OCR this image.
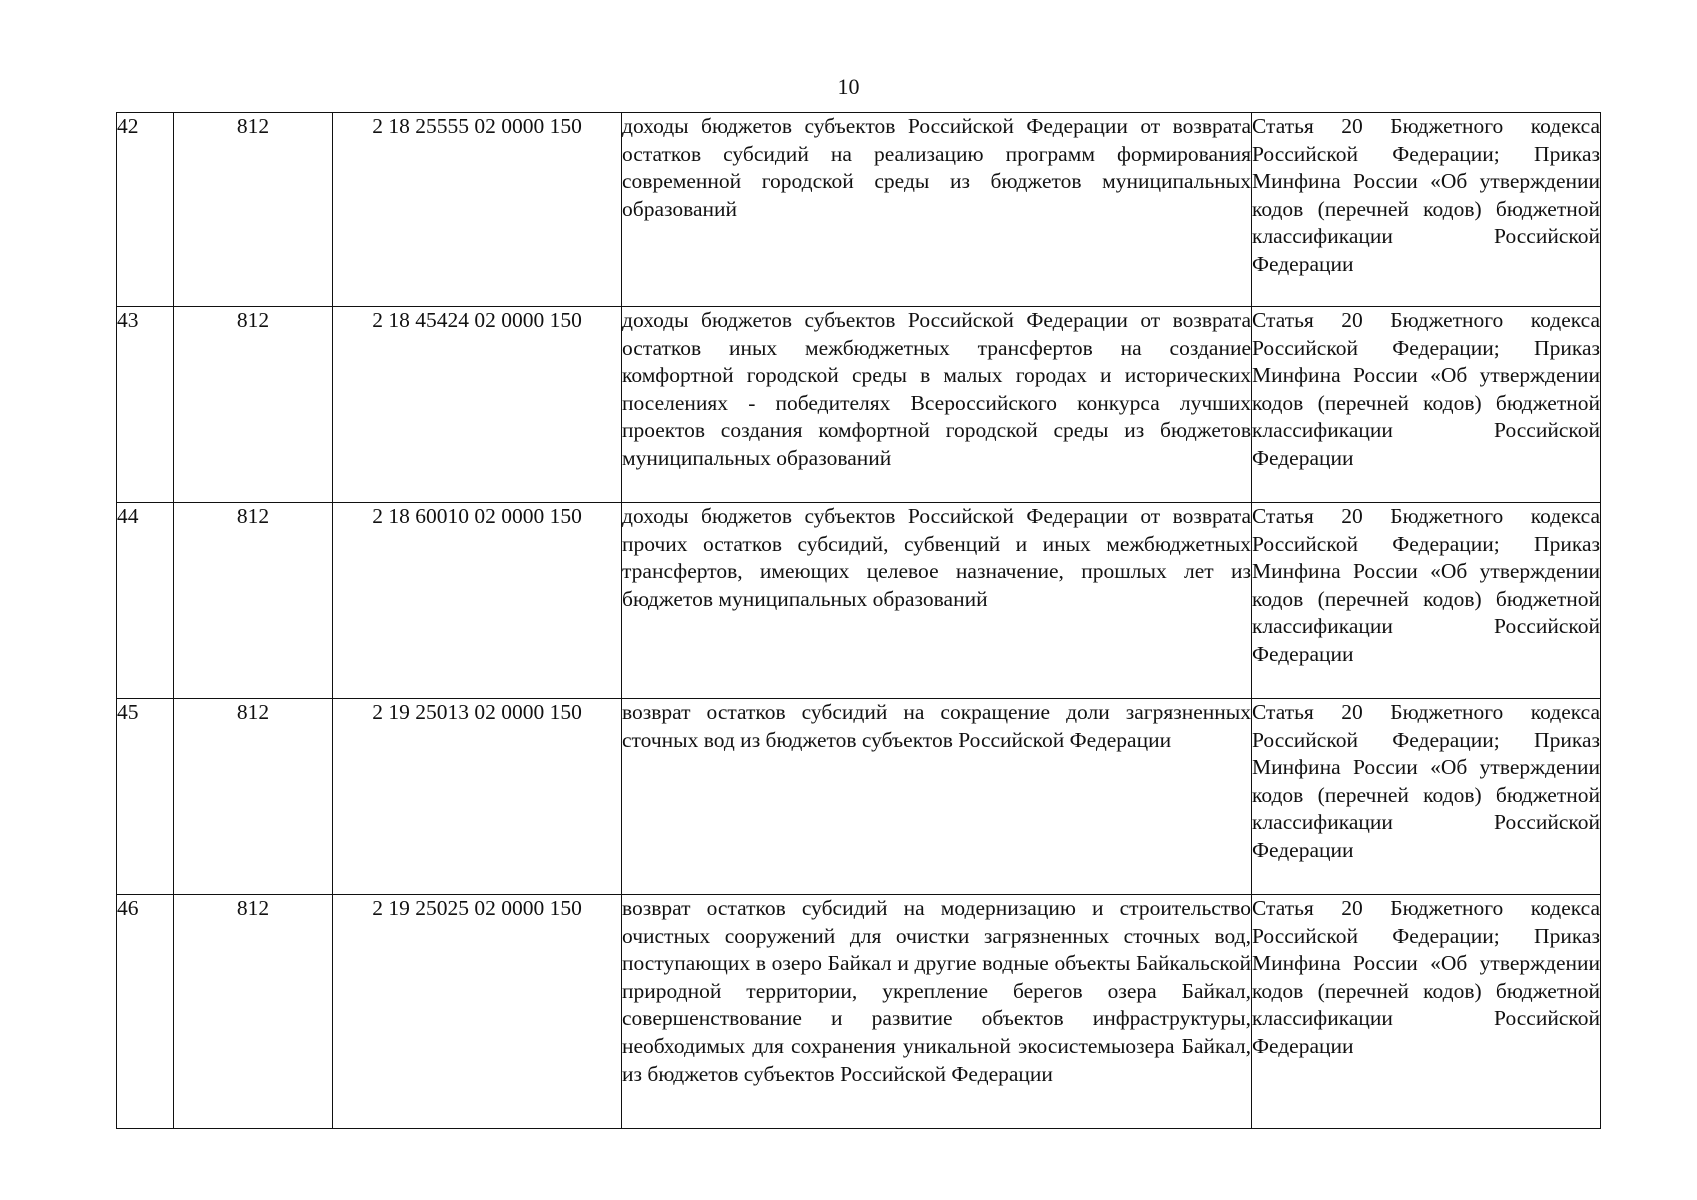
10
42	812	2 18 25555 02 0000 150	доходы бюджетов субъектов Российской Федерации от возврата остатков субсидий на реализацию программ формирования современной городской среды из бюджетов муниципальных образований	Статья 20 Бюджетного кодекса Российской Федерации; Приказ Минфина России «Об утверждении кодов (перечней кодов) бюджетной классификации Российской Федерации
43	812	2 18 45424 02 0000 150	доходы бюджетов субъектов Российской Федерации от возврата остатков иных межбюджетных трансфертов на создание комфортной городской среды в малых городах и исторических поселениях - победителях Всероссийского конкурса лучших проектов создания комфортной городской среды из бюджетов муниципальных образований	Статья 20 Бюджетного кодекса Российской Федерации; Приказ Минфина России «Об утверждении кодов (перечней кодов) бюджетной классификации Российской Федерации
44	812	2 18 60010 02 0000 150	доходы бюджетов субъектов Российской Федерации от возврата прочих остатков субсидий, субвенций и иных межбюджетных трансфертов, имеющих целевое назначение, прошлых лет из бюджетов муниципальных образований	Статья 20 Бюджетного кодекса Российской Федерации; Приказ Минфина России «Об утверждении кодов (перечней кодов) бюджетной классификации Российской Федерации
45	812	2 19 25013 02 0000 150	возврат остатков субсидий на сокращение доли загрязненных сточных вод из бюджетов субъектов Российской Федерации	Статья 20 Бюджетного кодекса Российской Федерации; Приказ Минфина России «Об утверждении кодов (перечней кодов) бюджетной классификации Российской Федерации
46	812	2 19 25025 02 0000 150	возврат остатков субсидий на модернизацию и строительство очистных сооружений для очистки загрязненных сточных вод, поступающих в озеро Байкал и другие водные объекты Байкальской природной территории, укрепление берегов озера Байкал, совершенствование и развитие объектов инфраструктуры, необходимых для сохранения уникальной экосистемыозера Байкал, из бюджетов субъектов Российской Федерации	Статья 20 Бюджетного кодекса Российской Федерации; Приказ Минфина России «Об утверждении кодов (перечней кодов) бюджетной классификации Российской Федерации
